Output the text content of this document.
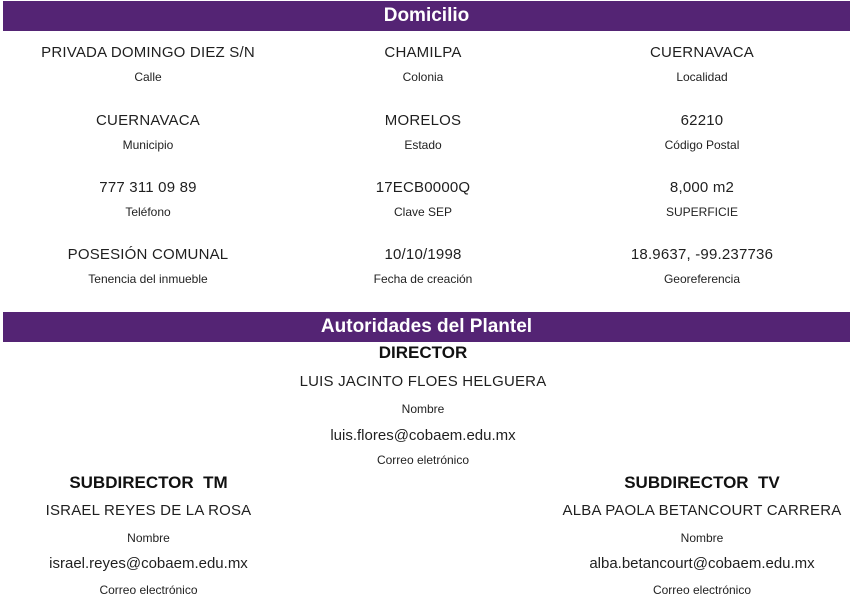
Domicilio
PRIVADA DOMINGO DIEZ S/N
Calle
CHAMILPA
Colonia
CUERNAVACA
Localidad
CUERNAVACA
Municipio
MORELOS
Estado
62210
Código Postal
777 311 09 89
Teléfono
17ECB0000Q
Clave SEP
8,000 m2
SUPERFICIE
POSESIÓN COMUNAL
Tenencia del inmueble
10/10/1998
Fecha de creación
18.9637, -99.237736
Georeferencia
Autoridades del Plantel
DIRECTOR
LUIS JACINTO FLOES HELGUERA
Nombre
luis.flores@cobaem.edu.mx
Correo eletrónico
SUBDIRECTOR  TM
ISRAEL REYES DE LA ROSA
Nombre
israel.reyes@cobaem.edu.mx
Correo electrónico
SUBDIRECTOR  TV
ALBA PAOLA BETANCOURT CARRERA
Nombre
alba.betancourt@cobaem.edu.mx
Correo electrónico
